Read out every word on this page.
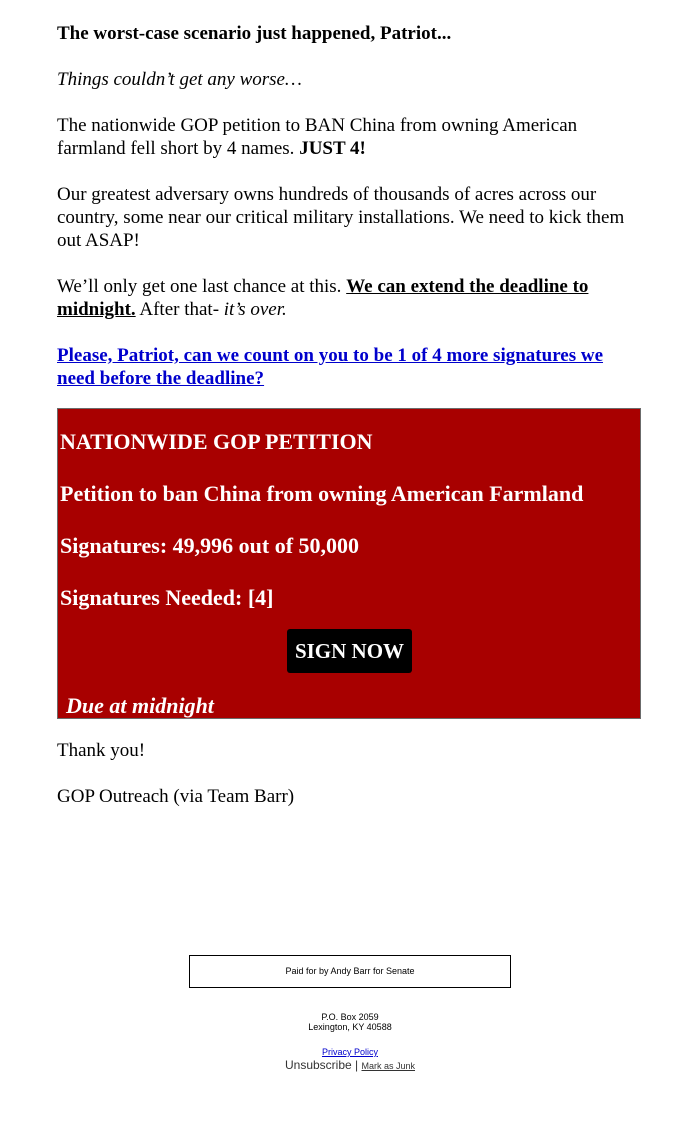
The worst-case scenario just happened, Patriot...

Things couldn’t get any worse…

The nationwide GOP petition to BAN China from owning American farmland fell short by 4 names. JUST 4!

Our greatest adversary owns hundreds of thousands of acres across our country, some near our critical military installations. We need to kick them out ASAP!

We’ll only get one last chance at this. We can extend the deadline to midnight. After that- it’s over.

Please, Patriot, can we count on you to be 1 of 4 more signatures we need before the deadline?

Thank you!

GOP Outreach (via Team Barr)

NATIONWIDE GOP PETITION
Petition to ban China from owning American Farmland
Signatures: 49,996 out of 50,000
Signatures Needed: [4]
SIGN NOW
Due at midnight
Paid for by Andy Barr for Senate
P.O. Box 2059
Lexington, KY 40588
Privacy Policy
Unsubscribe | Mark as Junk
